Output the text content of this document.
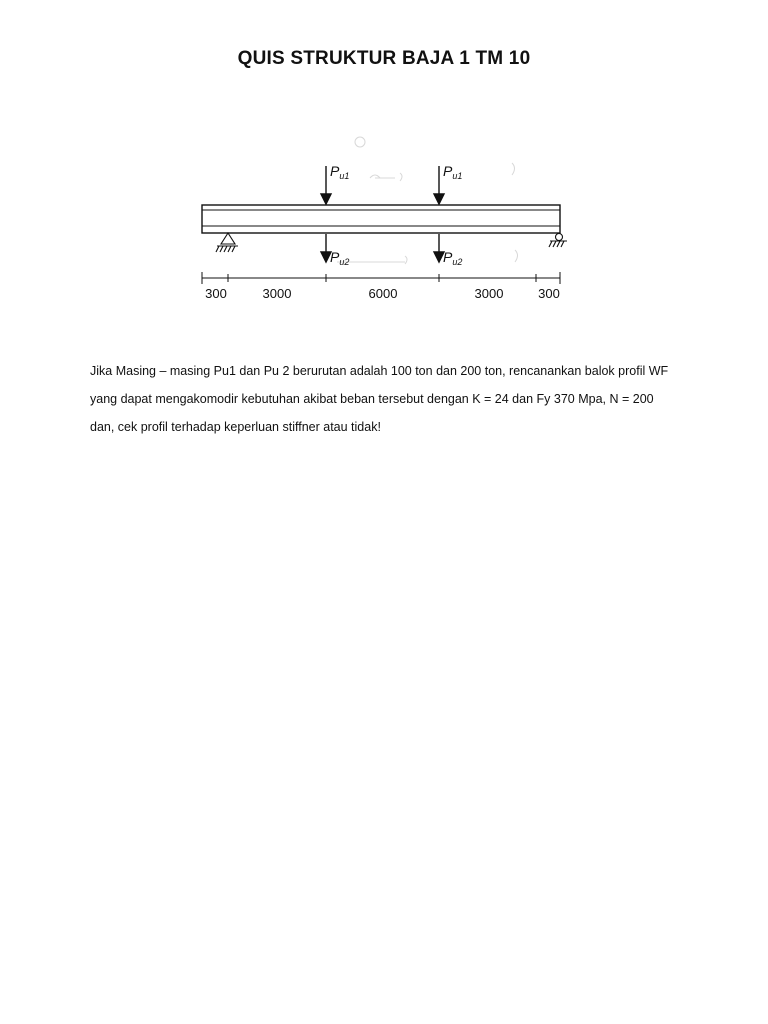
QUIS STRUKTUR BAJA 1 TM 10
Pu1	Pu1
Pu2	Pu2
300	3000	6000	3000	300

Jika Masing – masing Pu1 dan Pu 2 berurutan adalah 100 ton dan 200 ton, rencanankan balok profil WF

yang dapat mengakomodir kebutuhan akibat beban tersebut dengan K = 24 dan Fy 370 Mpa, N = 200

dan, cek profil terhadap keperluan stiffner atau tidak!
